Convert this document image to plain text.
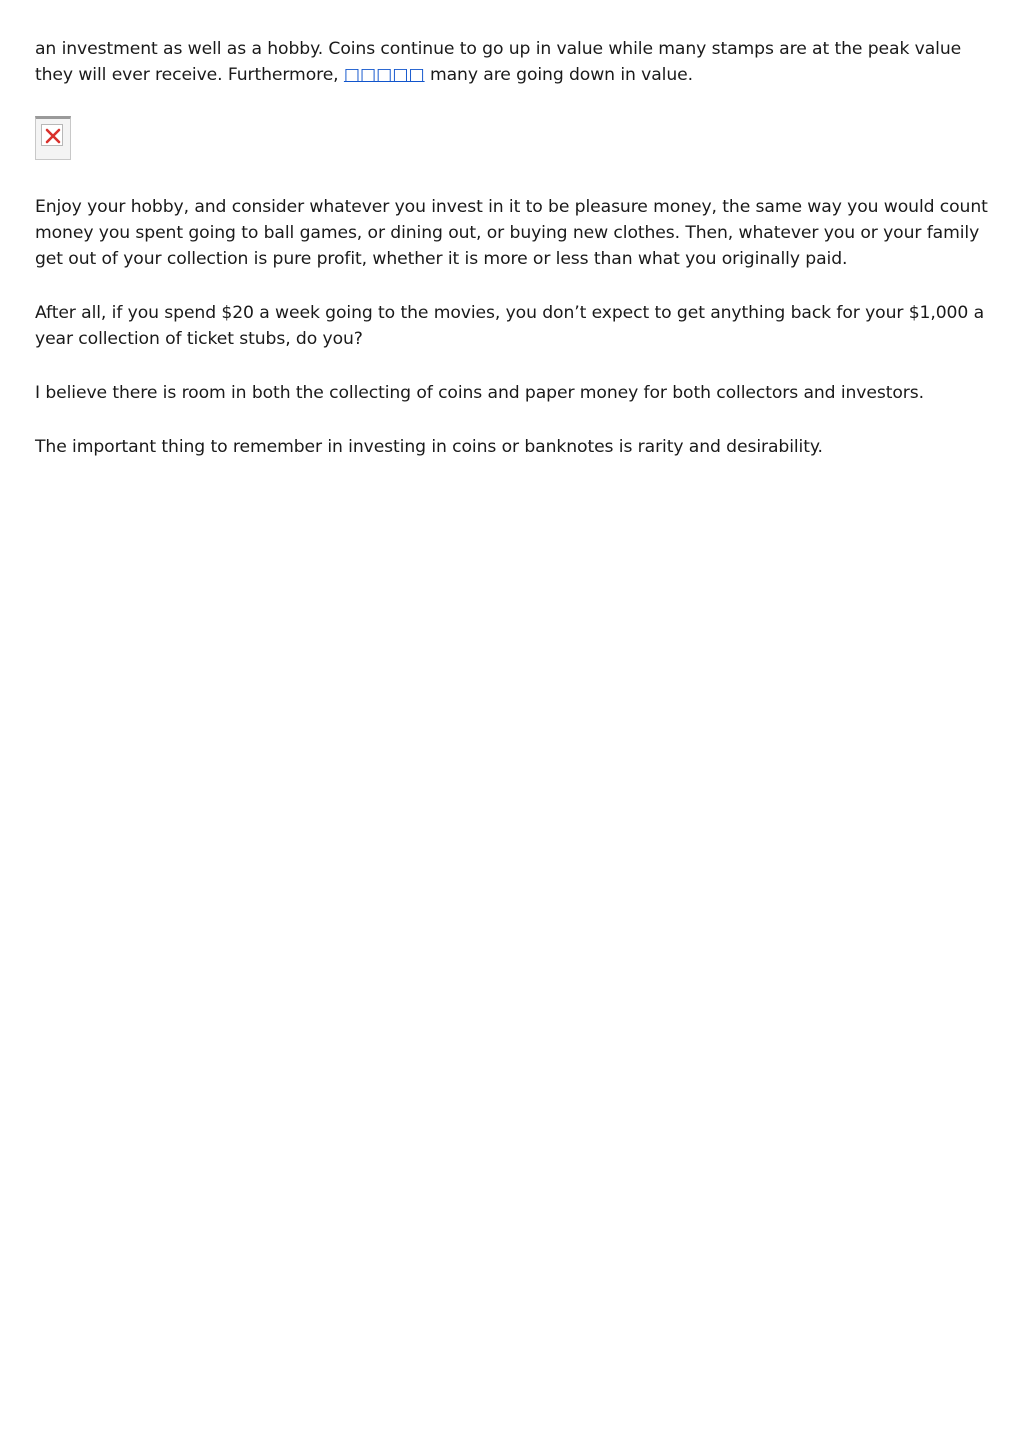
an investment as well as a hobby. Coins continue to go up in value while many stamps are at the peak value they will ever receive. Furthermore, □□□□□ many are going down in value.

Enjoy your hobby, and consider whatever you invest in it to be pleasure money, the same way you would count money you spent going to ball games, or dining out, or buying new clothes. Then, whatever you or your family get out of your collection is pure profit, whether it is more or less than what you originally paid.

After all, if you spend $20 a week going to the movies, you don’t expect to get anything back for your $1,000 a year collection of ticket stubs, do you?

I believe there is room in both the collecting of coins and paper money for both collectors and investors.

The important thing to remember in investing in coins or banknotes is rarity and desirability.
